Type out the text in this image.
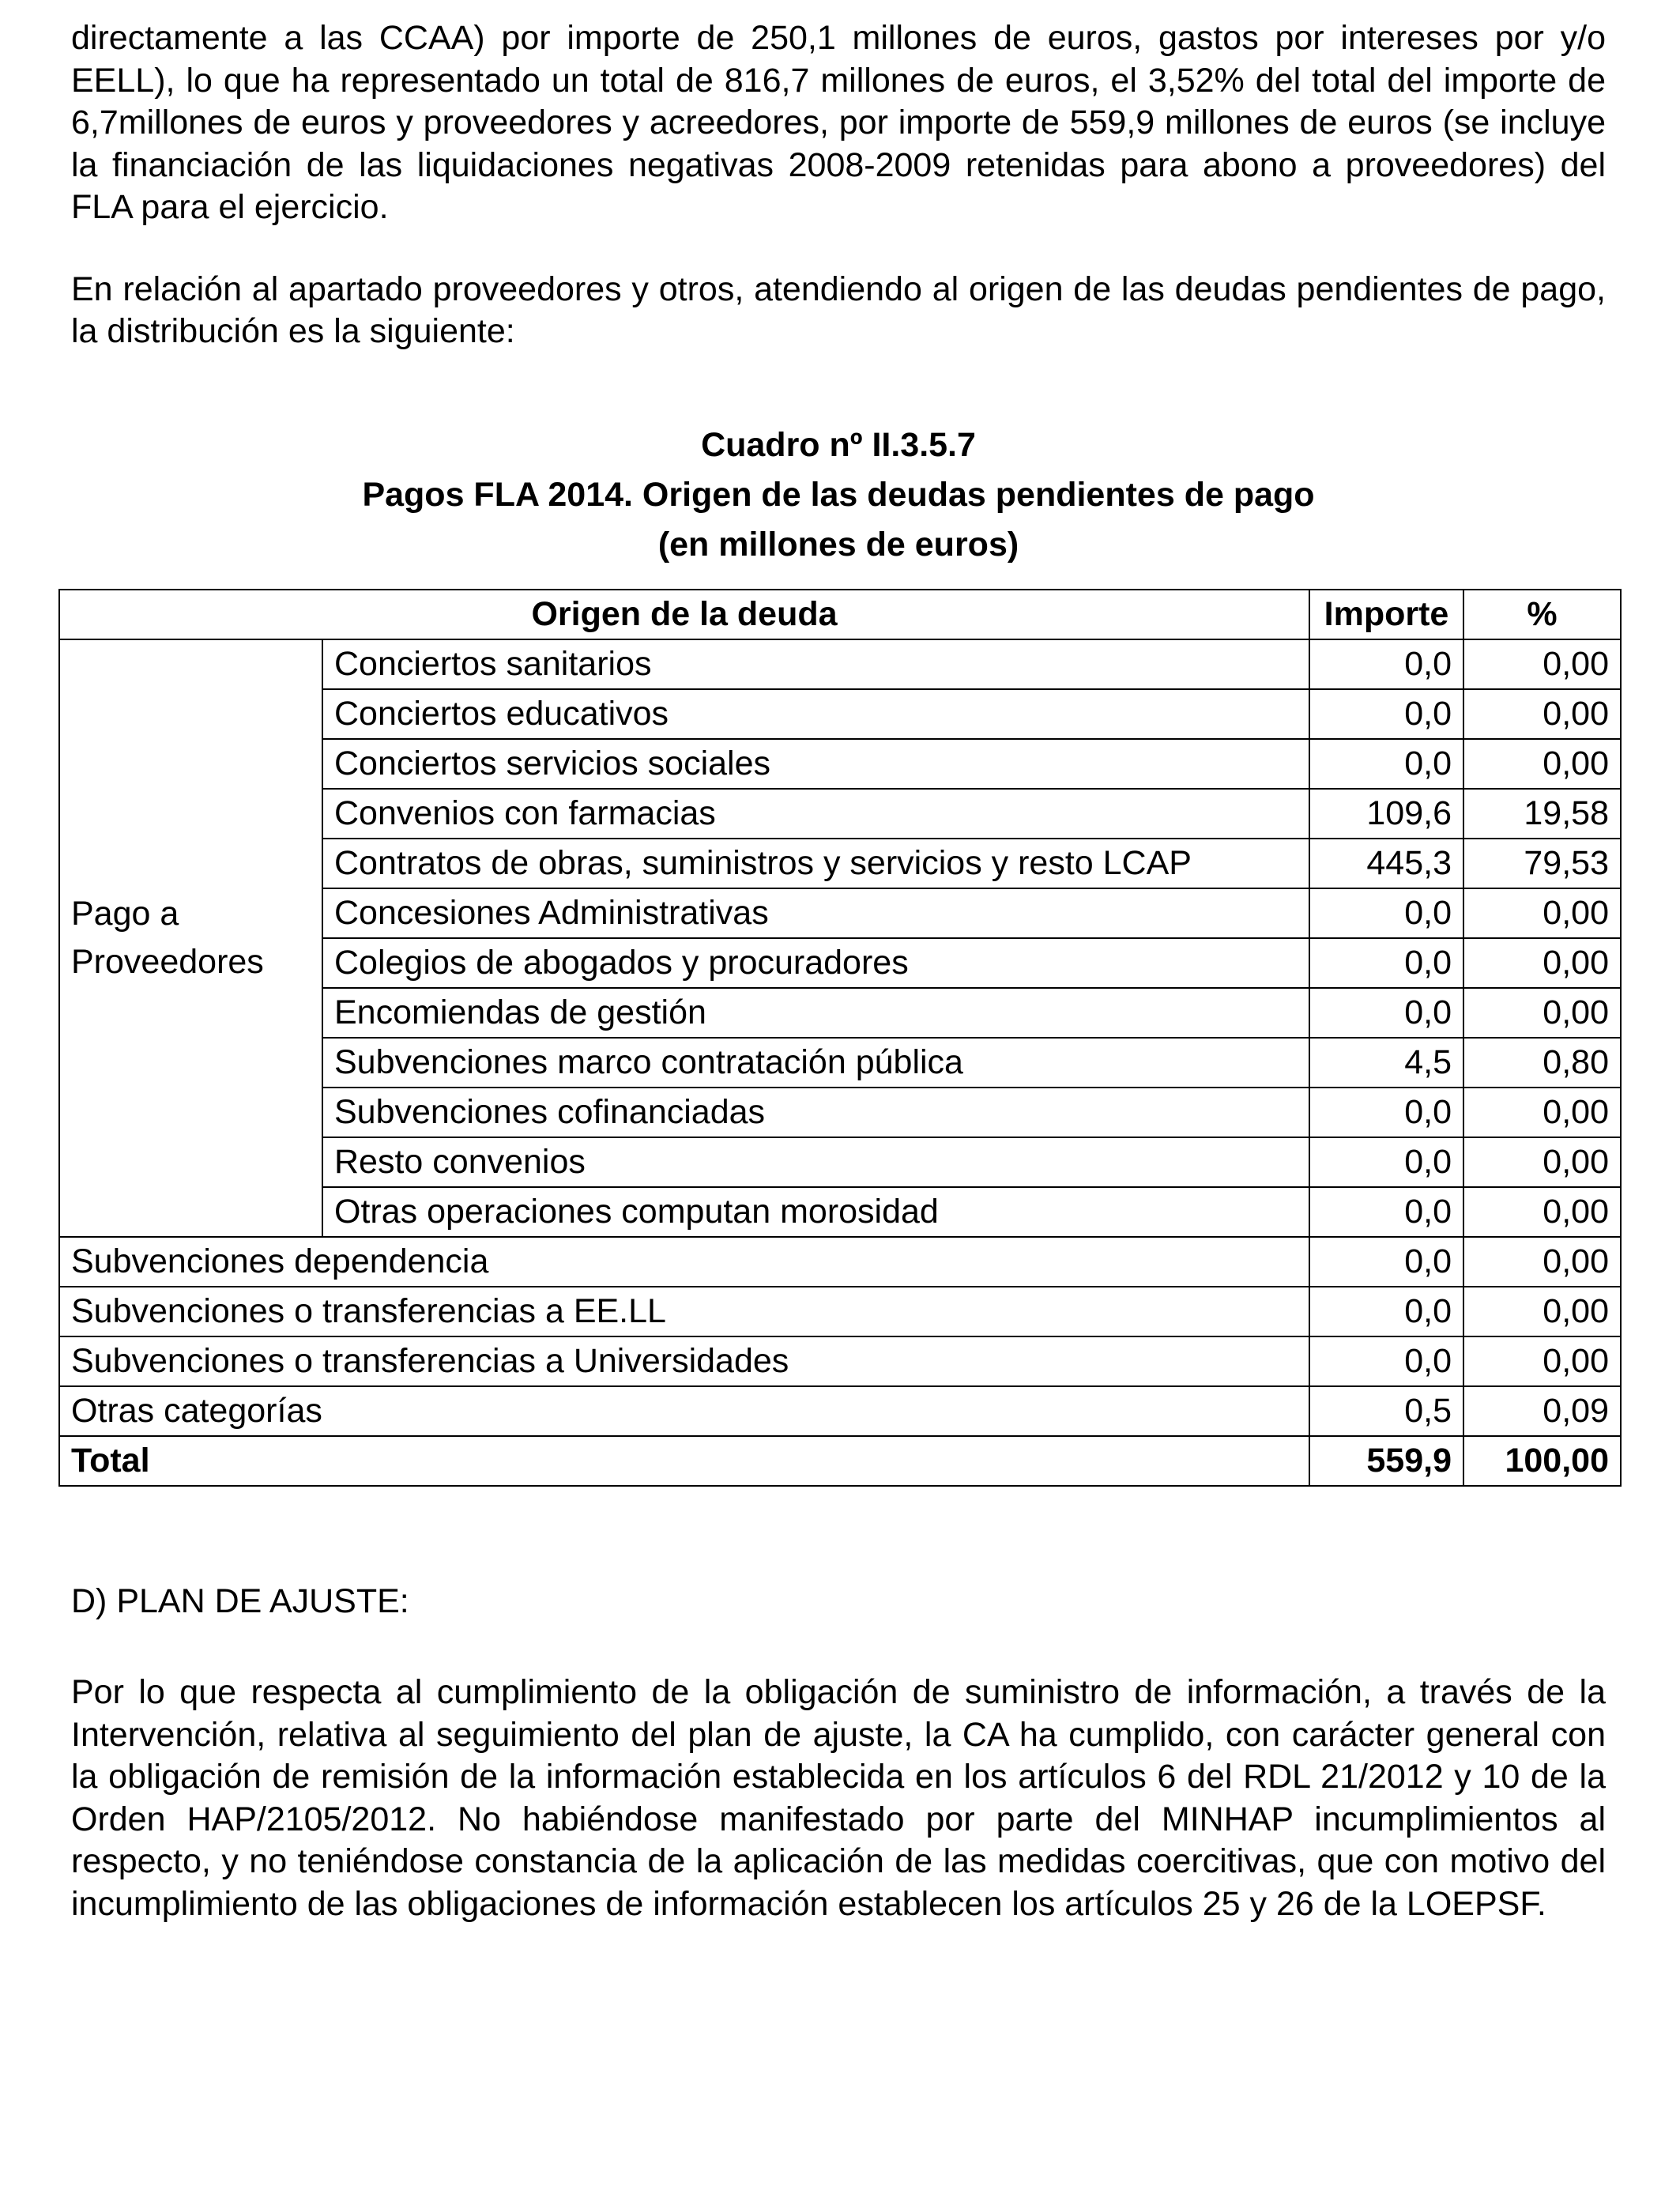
directamente a las CCAA) por importe de 250,1 millones de euros, gastos por intereses por y/o EELL), lo que ha representado un total de 816,7 millones de euros, el 3,52% del total del importe de 6,7millones de euros y proveedores y acreedores, por importe de 559,9 millones de euros (se incluye la financiación de las liquidaciones negativas 2008-2009 retenidas para abono a proveedores) del FLA para el ejercicio.

En relación al apartado proveedores y otros, atendiendo al origen de las deudas pendientes de pago, la distribución es la siguiente:

Cuadro nº II.3.5.7

Pagos FLA 2014. Origen de las deudas pendientes de pago

(en millones de euros)

Origen de la deuda		Importe	%
Pago a
Proveedores	Conciertos sanitarios	0,0	0,00
	Conciertos educativos	0,0	0,00
	Conciertos servicios sociales	0,0	0,00
	Convenios con farmacias	109,6	19,58
	Contratos de obras, suministros y servicios y resto LCAP	445,3	79,53
	Concesiones Administrativas	0,0	0,00
	Colegios de abogados y procuradores	0,0	0,00
	Encomiendas de gestión	0,0	0,00
	Subvenciones marco contratación pública	4,5	0,80
	Subvenciones cofinanciadas	0,0	0,00
	Resto convenios	0,0	0,00
	Otras operaciones computan morosidad	0,0	0,00
Subvenciones dependencia		0,0	0,00
Subvenciones o transferencias a EE.LL		0,0	0,00
Subvenciones o transferencias a Universidades		0,0	0,00
Otras categorías		0,5	0,09
Total		559,9	100,00

D) PLAN DE AJUSTE:

Por lo que respecta al cumplimiento de la obligación de suministro de información, a través de la Intervención, relativa al seguimiento del plan de ajuste, la CA ha cumplido, con carácter general con la obligación de remisión de la información establecida en los artículos 6 del RDL 21/2012 y 10 de la Orden HAP/2105/2012. No habiéndose manifestado por parte del MINHAP incumplimientos al respecto, y no teniéndose constancia de la aplicación de las medidas coercitivas, que con motivo del incumplimiento de las obligaciones de información establecen los artículos 25 y 26 de la LOEPSF.
